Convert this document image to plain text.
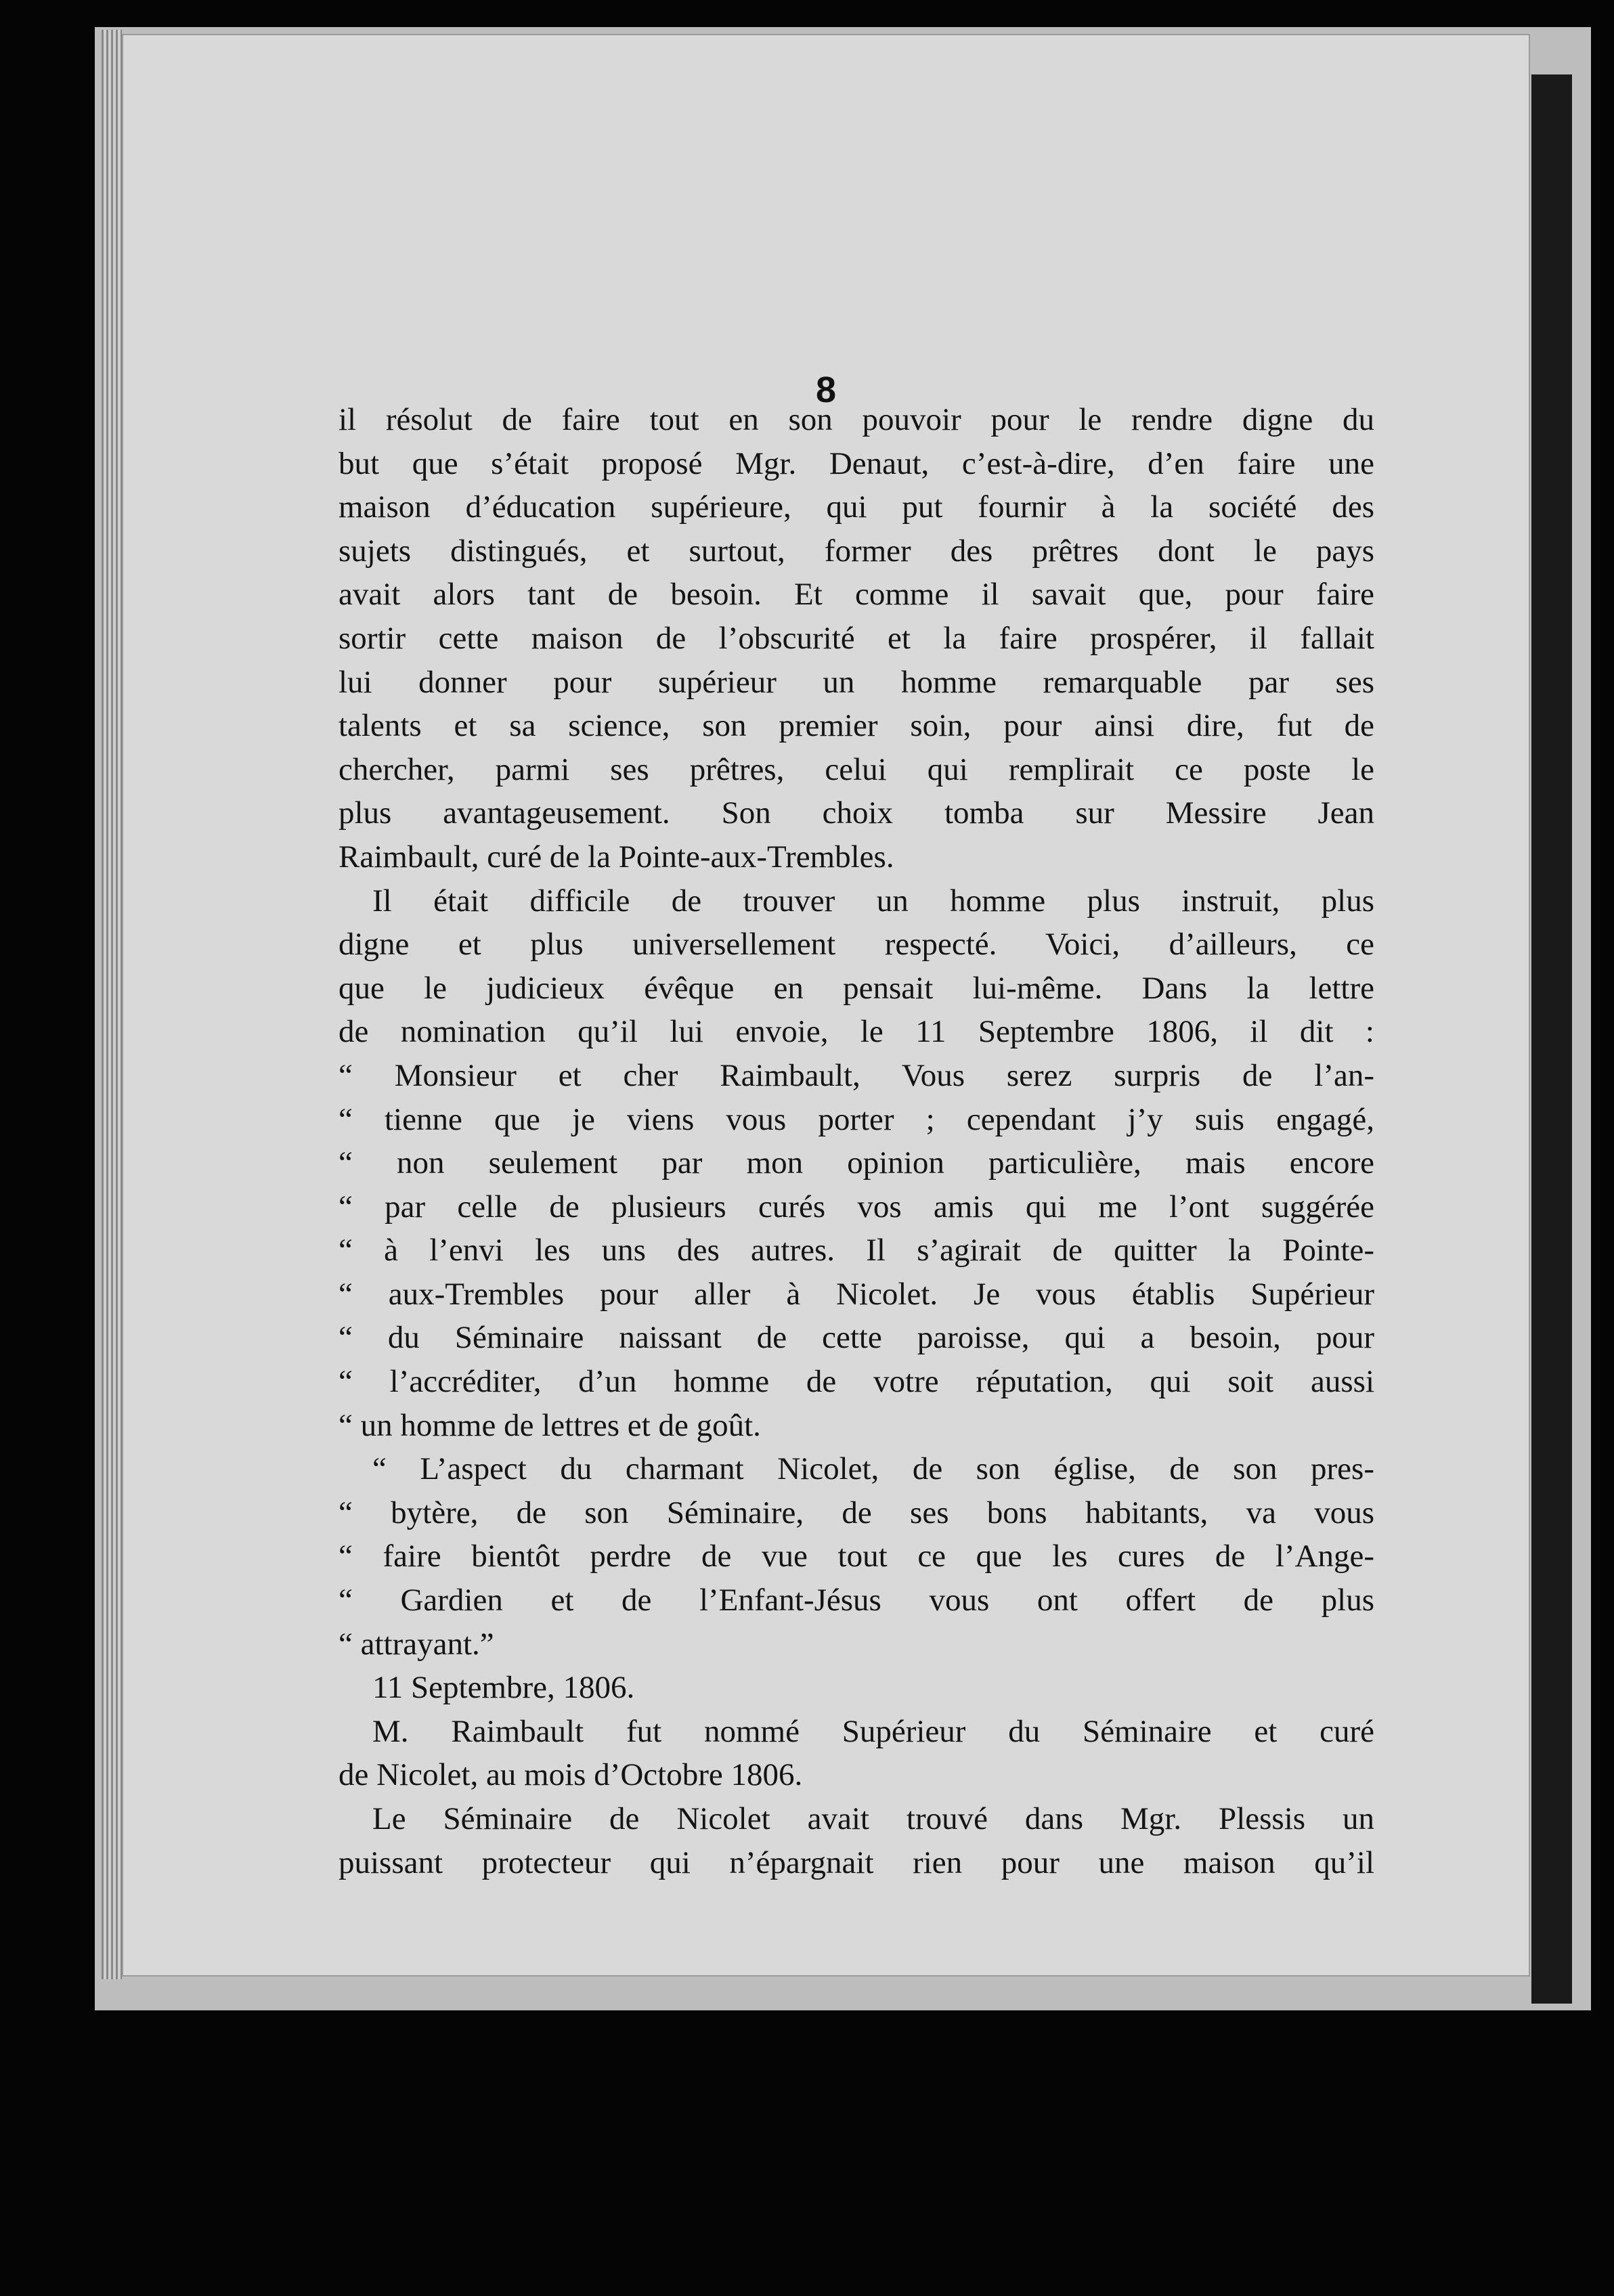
8
il résolut de faire tout en son pouvoir pour le rendre digne du
but que s’était proposé Mgr. Denaut, c’est-à-dire, d’en faire une
maison d’éducation supérieure, qui put fournir à la société des
sujets distingués, et surtout, former des prêtres dont le pays
avait alors tant de besoin. Et comme il savait que, pour faire
sortir cette maison de l’obscurité et la faire prospérer, il fallait
lui donner pour supérieur un homme remarquable par ses
talents et sa science, son premier soin, pour ainsi dire, fut de
chercher, parmi ses prêtres, celui qui remplirait ce poste le
plus avantageusement. Son choix tomba sur Messire Jean
Raimbault, curé de la Pointe-aux-Trembles.
Il était difficile de trouver un homme plus instruit, plus
digne et plus universellement respecté. Voici, d’ailleurs, ce
que le judicieux évêque en pensait lui-même. Dans la lettre
de nomination qu’il lui envoie, le 11 Septembre 1806, il dit :
“ Monsieur et cher Raimbault, Vous serez surpris de l’an-
“ tienne que je viens vous porter ; cependant j’y suis engagé,
“ non seulement par mon opinion particulière, mais encore
“ par celle de plusieurs curés vos amis qui me l’ont suggérée
“ à l’envi les uns des autres. Il s’agirait de quitter la Pointe-
“ aux-Trembles pour aller à Nicolet. Je vous établis Supérieur
“ du Séminaire naissant de cette paroisse, qui a besoin, pour
“ l’accréditer, d’un homme de votre réputation, qui soit aussi
“ un homme de lettres et de goût.
“ L’aspect du charmant Nicolet, de son église, de son pres-
“ bytère, de son Séminaire, de ses bons habitants, va vous
“ faire bientôt perdre de vue tout ce que les cures de l’Ange-
“ Gardien et de l’Enfant-Jésus vous ont offert de plus
“ attrayant.”
11 Septembre, 1806.
M. Raimbault fut nommé Supérieur du Séminaire et curé
de Nicolet, au mois d’Octobre 1806.
Le Séminaire de Nicolet avait trouvé dans Mgr. Plessis un
puissant protecteur qui n’épargnait rien pour une maison qu’il
